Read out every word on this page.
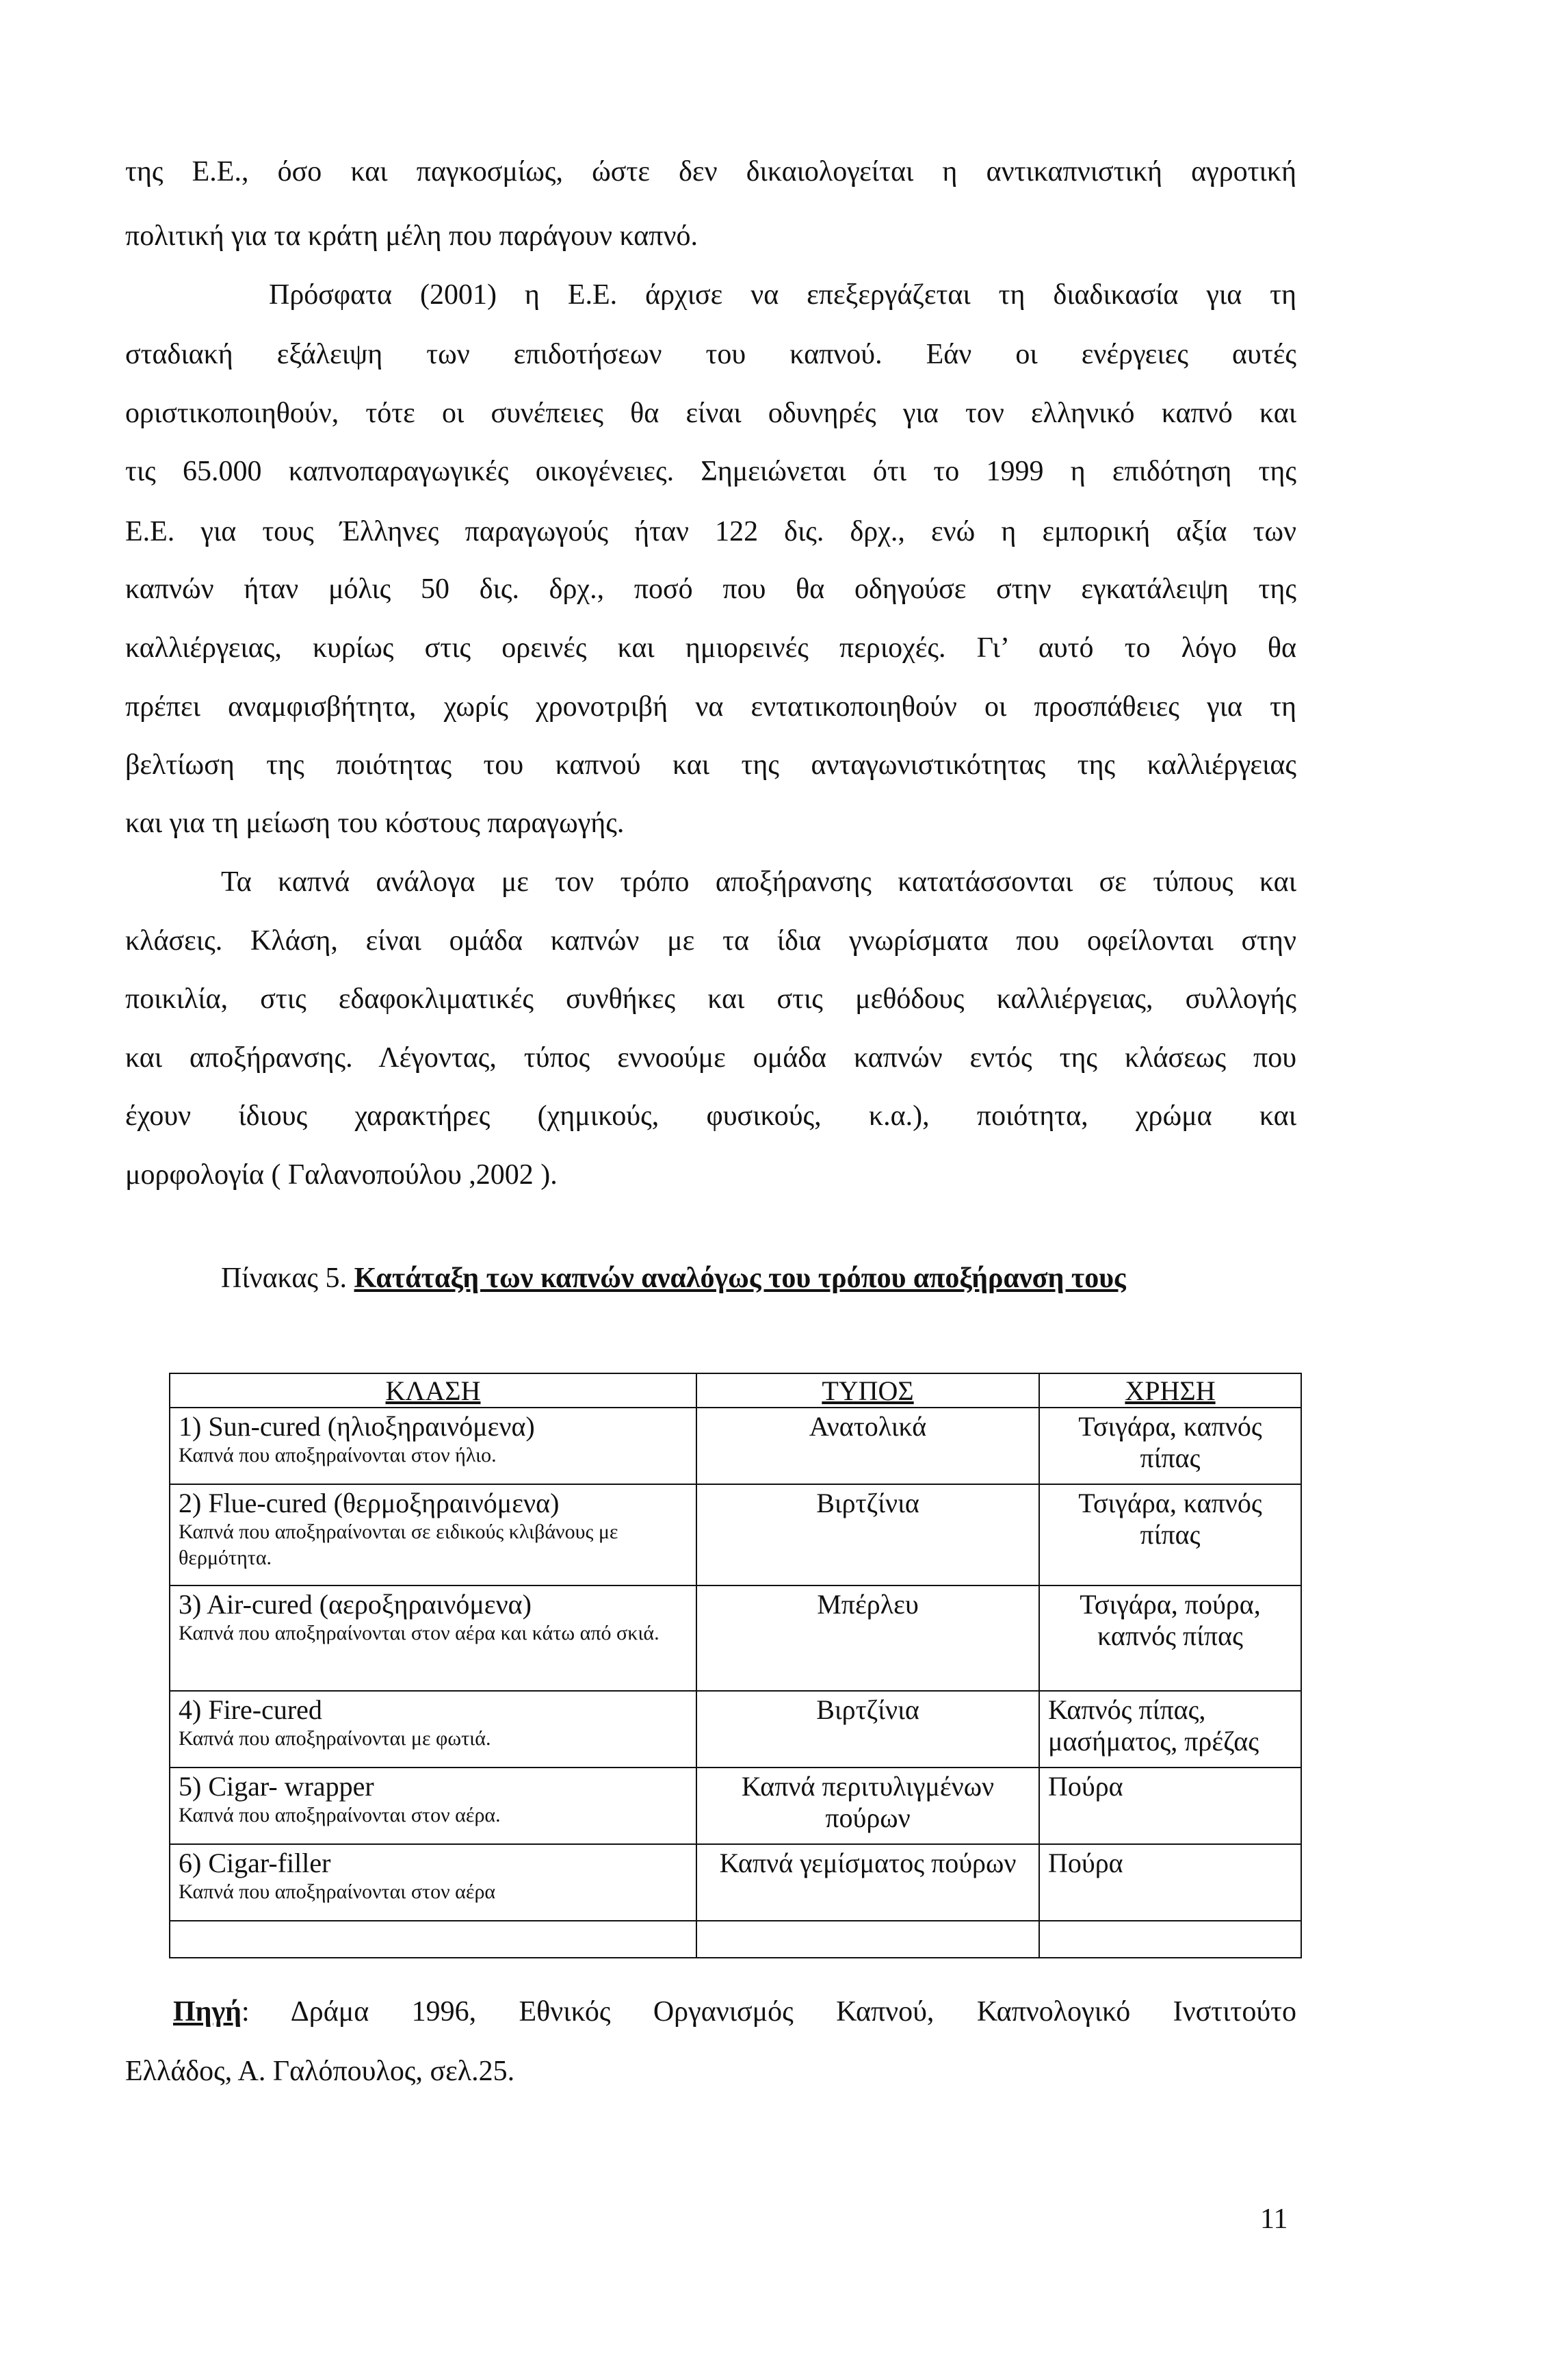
της Ε.Ε., όσο και παγκοσμίως, ώστε δεν δικαιολογείται η αντικαπνιστική αγροτική
πολιτική για τα κράτη μέλη που παράγουν καπνό.
Πρόσφατα (2001) η Ε.Ε. άρχισε να επεξεργάζεται τη διαδικασία για τη
σταδιακή εξάλειψη των επιδοτήσεων του καπνού. Εάν οι ενέργειες αυτές
οριστικοποιηθούν, τότε οι συνέπειες θα είναι οδυνηρές για τον ελληνικό καπνό και
τις 65.000 καπνοπαραγωγικές οικογένειες. Σημειώνεται ότι το 1999 η επιδότηση της
Ε.Ε. για τους Έλληνες παραγωγούς ήταν 122 δις. δρχ., ενώ η εμπορική αξία των
καπνών ήταν μόλις 50 δις. δρχ., ποσό που θα οδηγούσε στην εγκατάλειψη της
καλλιέργειας, κυρίως στις ορεινές και ημιορεινές περιοχές. Γι’ αυτό το λόγο θα
πρέπει αναμφισβήτητα, χωρίς χρονοτριβή να εντατικοποιηθούν οι προσπάθειες για τη
βελτίωση της ποιότητας του καπνού και της ανταγωνιστικότητας της καλλιέργειας
και για τη μείωση του κόστους παραγωγής.
Τα καπνά ανάλογα με τον τρόπο αποξήρανσης κατατάσσονται σε τύπους και
κλάσεις. Κλάση, είναι ομάδα καπνών με τα ίδια γνωρίσματα που οφείλονται στην
ποικιλία, στις εδαφοκλιματικές συνθήκες και στις μεθόδους καλλιέργειας, συλλογής
και αποξήρανσης. Λέγοντας, τύπος εννοούμε ομάδα καπνών εντός της κλάσεως που
έχουν ίδιους χαρακτήρες (χημικούς, φυσικούς, κ.α.), ποιότητα, χρώμα και
μορφολογία ( Γαλανοπούλου ,2002 ).
Πίνακας 5. Κατάταξη των καπνών αναλόγως του τρόπου αποξήρανση τους
ΚΛΑΣΗ	ΤΥΠΟΣ	ΧΡΗΣΗ
1) Sun-cured (ηλιοξηραινόμενα)
Καπνά που αποξηραίνονται στον ήλιο.	Ανατολικά	Τσιγάρα, καπνός πίπας
2) Flue-cured (θερμοξηραινόμενα)
Καπνά που αποξηραίνονται σε ειδικούς κλιβάνους με θερμότητα.	Βιρτζίνια	Τσιγάρα, καπνός πίπας
3) Air-cured (αεροξηραινόμενα)
Καπνά που αποξηραίνονται στον αέρα και κάτω από σκιά.	Μπέρλευ	Τσιγάρα, πούρα, καπνός πίπας
4) Fire-cured
Καπνά που αποξηραίνονται με φωτιά.	Βιρτζίνια	Καπνός πίπας, μασήματος, πρέζας
5) Cigar- wrapper
Καπνά που αποξηραίνονται στον αέρα.	Καπνά περιτυλιγμένων πούρων	Πούρα
6) Cigar-filler
Καπνά που αποξηραίνονται στον αέρα	Καπνά γεμίσματος πούρων	Πούρα

Πηγή: Δράμα 1996, Εθνικός Οργανισμός Καπνού, Καπνολογικό Ινστιτούτο
Ελλάδος, Α. Γαλόπουλος, σελ.25.
11
